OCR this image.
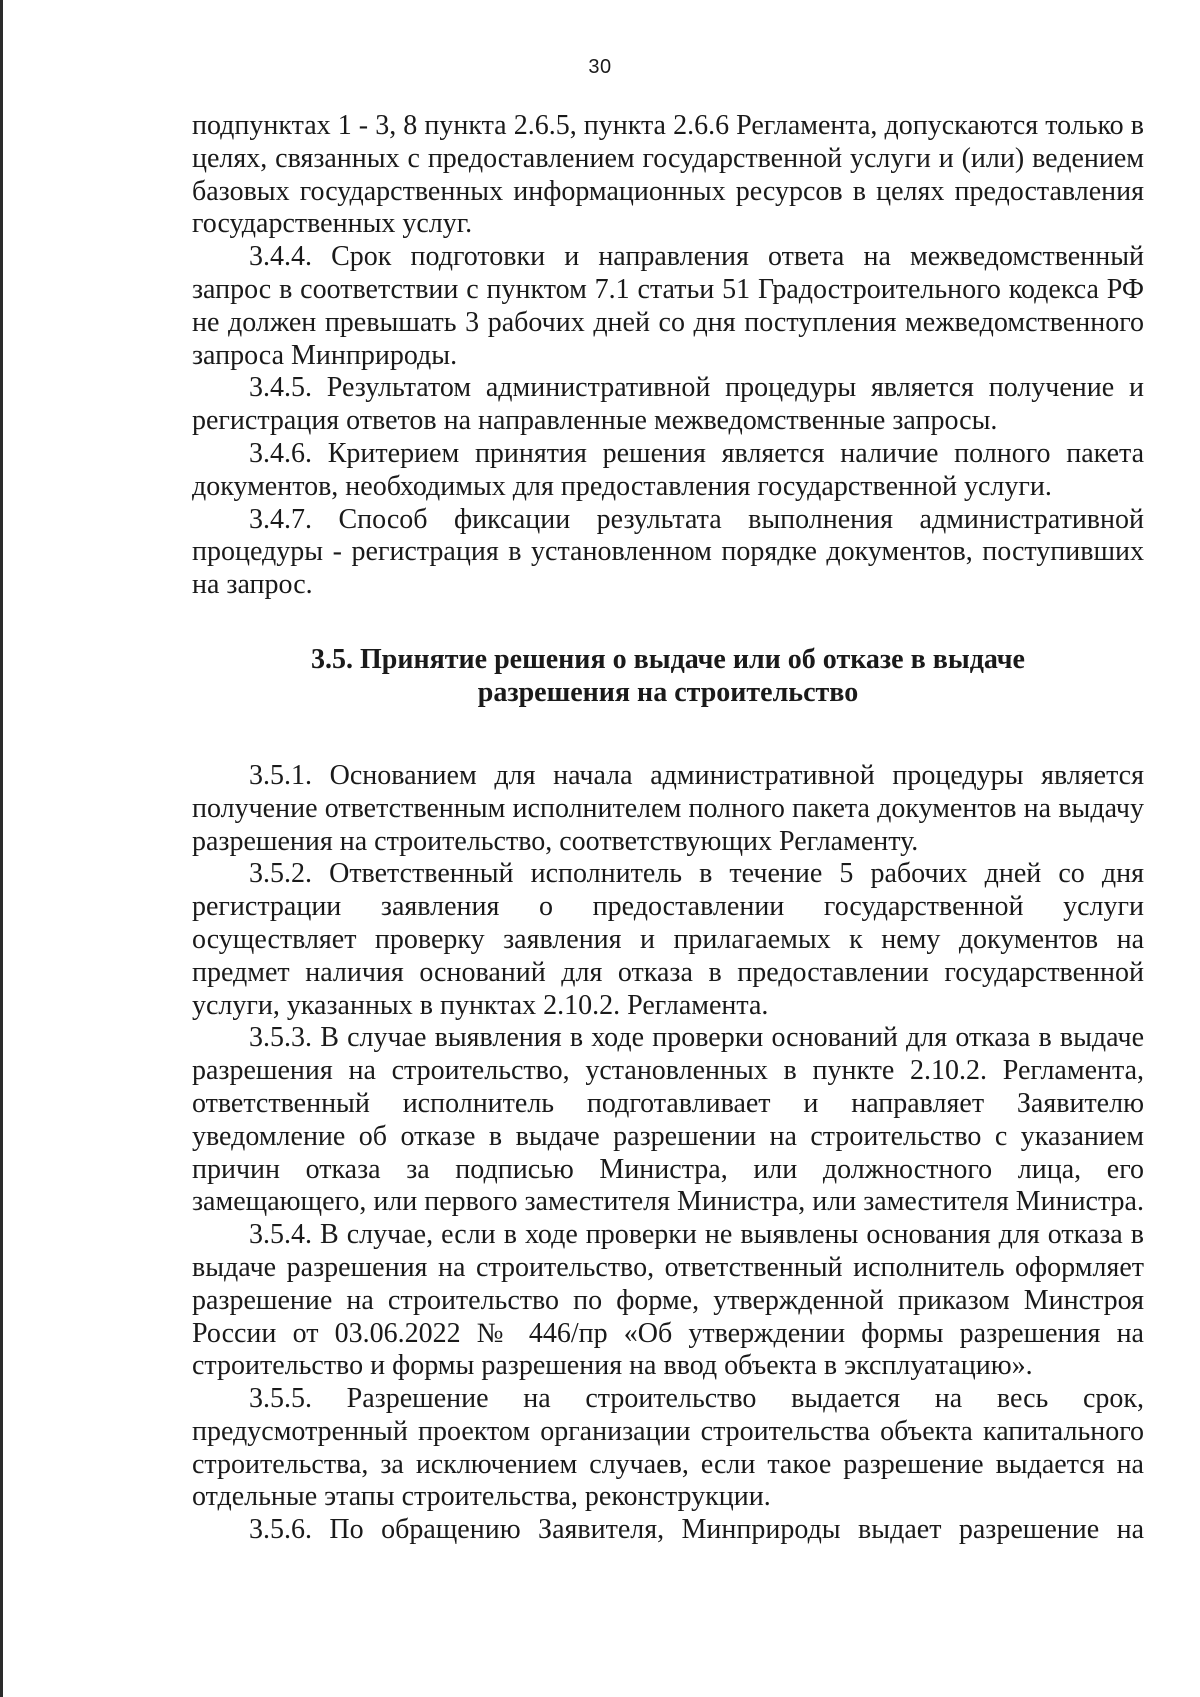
30

подпунктах 1 - 3, 8 пункта 2.6.5, пункта 2.6.6 Регламента, допускаются только в целях, связанных с предоставлением государственной услуги и (или) ведением базовых государственных информационных ресурсов в целях предоставления государственных услуг.

3.4.4. Срок подготовки и направления ответа на межведомственный запрос в соответствии с пунктом 7.1 статьи 51 Градостроительного кодекса РФ не должен превышать 3 рабочих дней со дня поступления межведомственного запроса Минприроды.

3.4.5. Результатом административной процедуры является получение и регистрация ответов на направленные межведомственные запросы.

3.4.6. Критерием принятия решения является наличие полного пакета документов, необходимых для предоставления государственной услуги.

3.4.7. Способ фиксации результата выполнения административной процедуры - регистрация в установленном порядке документов, поступивших на запрос.

3.5. Принятие решения о выдаче или об отказе в выдаче
разрешения на строительство

3.5.1. Основанием для начала административной процедуры является получение ответственным исполнителем полного пакета документов на выдачу разрешения на строительство, соответствующих Регламенту.

3.5.2. Ответственный исполнитель в течение 5 рабочих дней со дня регистрации заявления о предоставлении государственной услуги осуществляет проверку заявления и прилагаемых к нему документов на предмет наличия оснований для отказа в предоставлении государственной услуги, указанных в пунктах 2.10.2. Регламента.

3.5.3. В случае выявления в ходе проверки оснований для отказа в выдаче разрешения на строительство, установленных в пункте 2.10.2. Регламента, ответственный исполнитель подготавливает и направляет Заявителю уведомление об отказе в выдаче разрешении на строительство с указанием причин отказа за подписью Министра, или должностного лица, его замещающего, или первого заместителя Министра, или заместителя Министра.

3.5.4. В случае, если в ходе проверки не выявлены основания для отказа в выдаче разрешения на строительство, ответственный исполнитель оформляет разрешение на строительство по форме, утвержденной приказом Минстроя России от 03.06.2022 № 446/пр «Об утверждении формы разрешения на строительство и формы разрешения на ввод объекта в эксплуатацию».

3.5.5. Разрешение на строительство выдается на весь срок, предусмотренный проектом организации строительства объекта капитального строительства, за исключением случаев, если такое разрешение выдается на отдельные этапы строительства, реконструкции.

3.5.6. По обращению Заявителя, Минприроды выдает разрешение на
